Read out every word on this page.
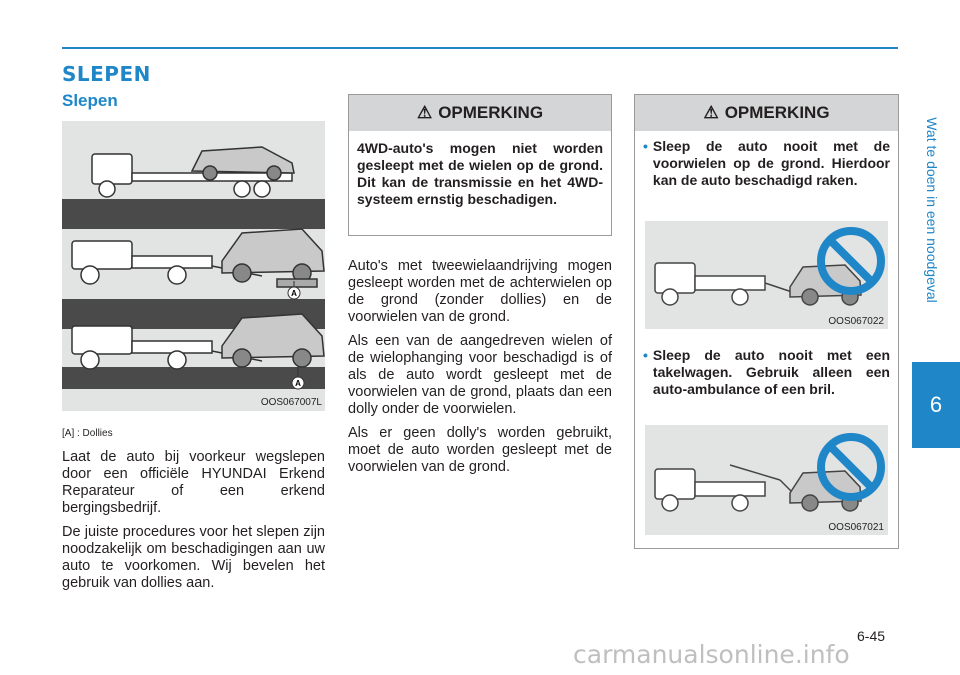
SLEPEN
Slepen
Wat te doen in een noodgeval
6
A
A
OOS067007L
[A] : Dollies

Laat de auto bij voorkeur wegslepen door een officiële HYUNDAI Erkend Reparateur of een erkend bergingsbedrijf.

De juiste procedures voor het slepen zijn noodzakelijk om beschadigingen aan uw auto te voorkomen. Wij bevelen het gebruik van dollies aan.

⚠ OPMERKING
4WD-auto's mogen niet worden gesleept met de wielen op de grond. Dit kan de transmissie en het 4WD-systeem ernstig beschadigen.

Auto's met tweewielaandrijving mogen gesleept worden met de achterwielen op de grond (zonder dollies) en de voorwielen van de grond.

Als een van de aangedreven wielen of de wielophanging voor beschadigd is of als de auto wordt gesleept met de voorwielen van de grond, plaats dan een dolly onder de voorwielen.

Als er geen dolly's worden gebruikt, moet de auto worden gesleept met de voorwielen van de grond.

⚠ OPMERKING
• Sleep de auto nooit met de voorwielen op de grond. Hierdoor kan de auto beschadigd raken.
OOS067022
• Sleep de auto nooit met een takelwagen. Gebruik alleen een auto-ambulance of een bril.
OOS067021
6-45
carmanualsonline.info
